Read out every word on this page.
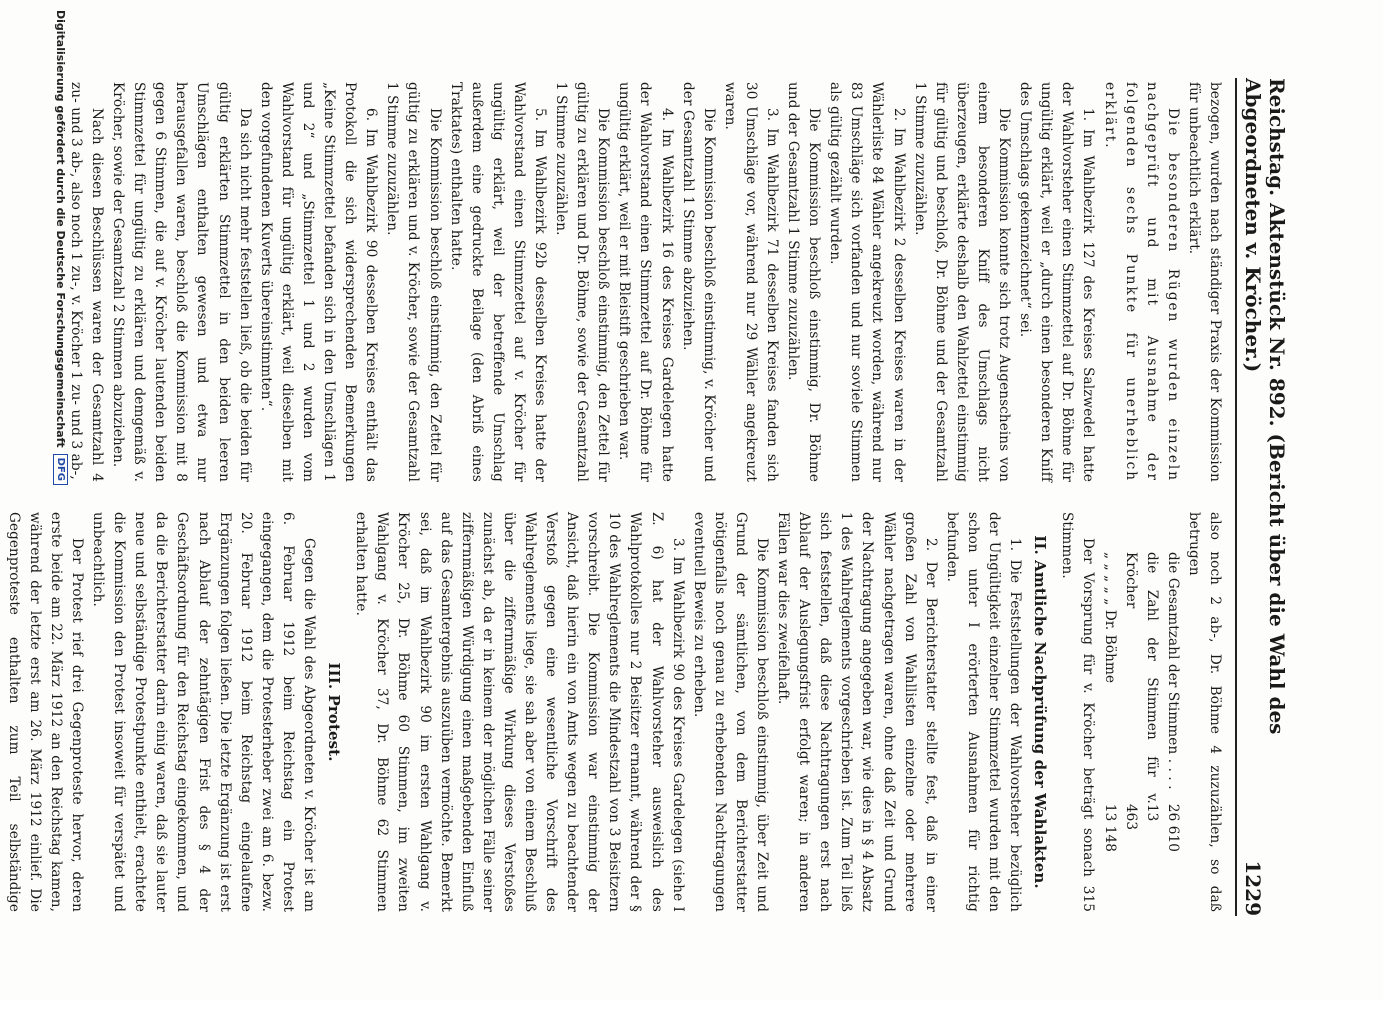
Reichstag. Aktenstück Nr. 892. (Bericht über die Wahl des Abgeordneten v. Kröcher.)
1229

bezogen, wurden nach ständiger Praxis der Kommission für unbeachtlich erklärt.

Die besonderen Rügen wurden einzeln nachgeprüft und mit Ausnahme der folgenden sechs Punkte für unerheblich erklärt.

1. Im Wahlbezirk 127 des Kreises Salzwedel hatte der Wahlvorsteher einen Stimmzettel auf Dr. Böhme für ungültig erklärt, weil er „durch einen besonderen Kniff des Umschlags gekennzeichnet“ sei.

Die Kommission konnte sich trotz Augenscheins von einem besonderen Kniff des Umschlags nicht überzeugen, erklärte deshalb den Wahlzettel einstimmig für gültig und beschloß, Dr. Böhme und der Gesamtzahl 1 Stimme zuzuzählen.

2. Im Wahlbezirk 2 desselben Kreises waren in der Wählerliste 84 Wähler angekreuzt worden, während nur 83 Umschläge sich vorfanden und nur soviele Stimmen als gültig gezählt wurden.

Die Kommission beschloß einstimmig, Dr. Böhme und der Gesamtzahl 1 Stimme zuzuzählen.

3. Im Wahlbezirk 71 desselben Kreises fanden sich 30 Umschläge vor, während nur 29 Wähler angekreuzt waren.

Die Kommission beschloß einstimmig, v. Kröcher und der Gesamtzahl 1 Stimme abzuziehen.

4. Im Wahlbezirk 16 des Kreises Gardelegen hatte der Wahlvorstand einen Stimmzettel auf Dr. Böhme für ungültig erklärt, weil er mit Bleistift geschrieben war.

Die Kommission beschloß einstimmig, den Zettel für gültig zu erklären und Dr. Böhme, sowie der Gesamtzahl 1 Stimme zuzuzählen.

5. Im Wahlbezirk 92b desselben Kreises hatte der Wahlvorstand einen Stimmzettel auf v. Kröcher für ungültig erklärt, weil der betreffende Umschlag außerdem eine gedruckte Beilage (den Abriß eines Traktates) enthalten hatte.

Die Kommission beschloß einstimmig, den Zettel für gültig zu erklären und v. Kröcher, sowie der Gesamtzahl 1 Stimme zuzuzählen.

6. Im Wahlbezirk 90 desselben Kreises enthält das Protokoll die sich widersprechenden Bemerkungen „Keine Stimmzettel befanden sich in den Umschlägen 1 und 2“ und „Stimmzettel 1 und 2 wurden vom Wahlvorstand für ungültig erklärt, weil dieselben mit den vorgefundenen Kuverts übereinstimmten“.

Da sich nicht mehr feststellen ließ, ob die beiden für gültig erklärten Stimmzettel in den beiden leeren Umschlägen enthalten gewesen und etwa nur herausgefallen waren, beschloß die Kommission mit 8 gegen 6 Stimmen, die auf v. Kröcher lautenden beiden Stimmzettel für ungültig zu erklären und demgemäß v. Kröcher, sowie der Gesamtzahl 2 Stimmen abzuziehen.

Nach diesen Beschlüssen waren der Gesamtzahl 4 zu- und 3 ab-, also noch 1 zu-, v. Kröcher 1 zu- und 3 ab-,

also noch 2 ab-, Dr. Böhme 4 zuzuzählen, so daß betrugen

die Gesamtzahl der Stimmen . . . .
26 610
die Zahl der Stimmen für v. Kröcher
13 463
„ „ „ „ „ Dr. Böhme
13 148

Der Vorsprung für v. Kröcher beträgt sonach 315 Stimmen.

II. Amtliche Nachprüfung der Wahlakten.

1. Die Feststellungen der Wahlvorsteher bezüglich der Ungültigkeit einzelner Stimmzettel wurden mit den schon unter I erörterten Ausnahmen für richtig befunden.

2. Der Berichterstatter stellte fest, daß in einer großen Zahl von Wahllisten einzelne oder mehrere Wähler nachgetragen waren, ohne daß Zeit und Grund der Nachtragung angegeben war, wie dies in § 4 Absatz 1 des Wahlreglements vorgeschrieben ist. Zum Teil ließ sich feststellen, daß diese Nachtragungen erst nach Ablauf der Auslegungsfrist erfolgt waren; in anderen Fällen war dies zweifelhaft.

Die Kommission beschloß einstimmig, über Zeit und Grund der sämtlichen, von dem Berichterstatter nötigenfalls noch genau zu erhebenden Nachtragungen eventuell Beweis zu erheben.

3. Im Wahlbezirk 90 des Kreises Gardelegen (siehe I Z. 6) hat der Wahlvorsteher ausweislich des Wahlprotokolles nur 2 Beisitzer ernannt, während der § 10 des Wahlreglements die Mindestzahl von 3 Beisitzern vorschreibt. Die Kommission war einstimmig der Ansicht, daß hierin ein von Amts wegen zu beachtender Verstoß gegen eine wesentliche Vorschrift des Wahlreglements liege, sie sah aber von einem Beschluß über die ziffernmäßige Wirkung dieses Verstoßes zunächst ab, da er in keinem der möglichen Fälle seiner ziffernmäßigen Würdigung einen maßgebenden Einfluß auf das Gesamtergebnis auszuüben vermöchte. Bemerkt sei, daß im Wahlbezirk 90 im ersten Wahlgang v. Kröcher 25, Dr. Böhme 60 Stimmen, im zweiten Wahlgang v. Kröcher 37, Dr. Böhme 62 Stimmen erhalten hatte.

III. Protest.

Gegen die Wahl des Abgeordneten v. Kröcher ist am 6. Februar 1912 beim Reichstag ein Protest eingegangen, dem die Protesterheber zwei am 6. bezw. 20. Februar 1912 beim Reichstag eingelaufene Ergänzungen folgen ließen. Die letzte Ergänzung ist erst nach Ablauf der zehntägigen Frist des § 4 der Geschäftsordnung für den Reichstag eingekommen, und da die Berichterstatter darin einig waren, daß sie lauter neue und selbständige Protestpunkte enthielt, erachtete die Kommission den Protest insoweit für verspätet und unbeachtlich.

Der Protest rief drei Gegenproteste hervor, deren erste beide am 22. März 1912 an den Reichstag kamen, während der letzte erst am 26. März 1912 einlief. Die Gegenproteste enthalten zum Teil selbständige

Digitalisierung gefördert durch die Deutsche Forschungsgemeinschaft
DFG
